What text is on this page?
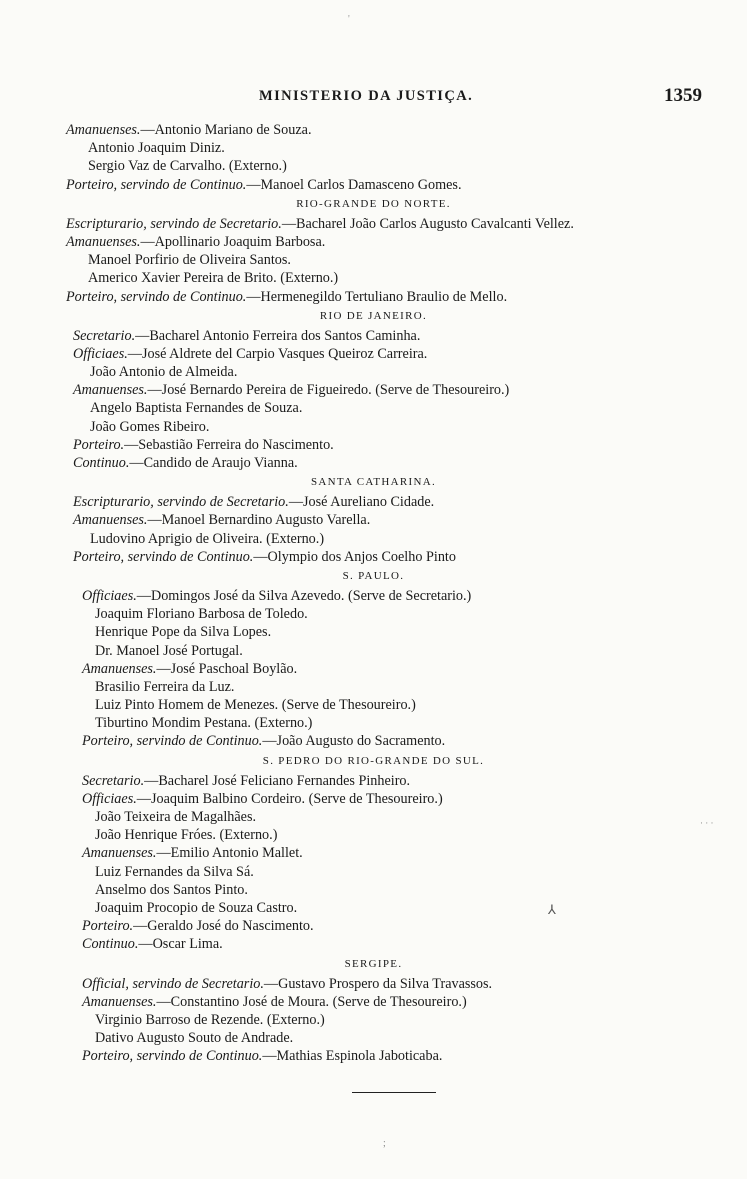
MINISTERIO DA JUSTIÇA.	1359
'
Amanuenses.—Antonio Mariano de Souza.
Antonio Joaquim Diniz.
Sergio Vaz de Carvalho. (Externo.)
Porteiro, servindo de Continuo.—Manoel Carlos Damasceno Gomes.
RIO-GRANDE DO NORTE.
Escripturario, servindo de Secretario.—Bacharel João Carlos Augusto Cavalcanti Vellez.
Amanuenses.—Apollinario Joaquim Barbosa.
Manoel Porfirio de Oliveira Santos.
Americo Xavier Pereira de Brito. (Externo.)
Porteiro, servindo de Continuo.—Hermenegildo Tertuliano Braulio de Mello.
RIO DE JANEIRO.
Secretario.—Bacharel Antonio Ferreira dos Santos Caminha.
Officiaes.—José Aldrete del Carpio Vasques Queiroz Carreira.
João Antonio de Almeida.
Amanuenses.—José Bernardo Pereira de Figueiredo. (Serve de Thesoureiro.)
Angelo Baptista Fernandes de Souza.
João Gomes Ribeiro.
Porteiro.—Sebastião Ferreira do Nascimento.
Continuo.—Candido de Araujo Vianna.
SANTA CATHARINA.
Escripturario, servindo de Secretario.—José Aureliano Cidade.
Amanuenses.—Manoel Bernardino Augusto Varella.
Ludovino Aprigio de Oliveira. (Externo.)
Porteiro, servindo de Continuo.—Olympio dos Anjos Coelho Pinto
S. PAULO.
Officiaes.—Domingos José da Silva Azevedo. (Serve de Secretario.)
Joaquim Floriano Barbosa de Toledo.
Henrique Pope da Silva Lopes.
Dr. Manoel José Portugal.
Amanuenses.—José Paschoal Boylão.
Brasilio Ferreira da Luz.
Luiz Pinto Homem de Menezes. (Serve de Thesoureiro.)
Tiburtino Mondim Pestana. (Externo.)
Porteiro, servindo de Continuo.—João Augusto do Sacramento.
S. PEDRO DO RIO-GRANDE DO SUL.
Secretario.—Bacharel José Feliciano Fernandes Pinheiro.
Officiaes.—Joaquim Balbino Cordeiro. (Serve de Thesoureiro.)
João Teixeira de Magalhães.
João Henrique Fróes. (Externo.)
Amanuenses.—Emilio Antonio Mallet.
Luiz Fernandes da Silva Sá.
Anselmo dos Santos Pinto.
Joaquim Procopio de Souza Castro.
Porteiro.—Geraldo José do Nascimento.
Continuo.—Oscar Lima.
SERGIPE.
Official, servindo de Secretario.—Gustavo Prospero da Silva Travassos.
Amanuenses.—Constantino José de Moura. (Serve de Thesoureiro.)
Virginio Barroso de Rezende. (Externo.)
Dativo Augusto Souto de Andrade.
Porteiro, servindo de Continuo.—Mathias Espinola Jaboticaba.
⅄
· · ·
;
